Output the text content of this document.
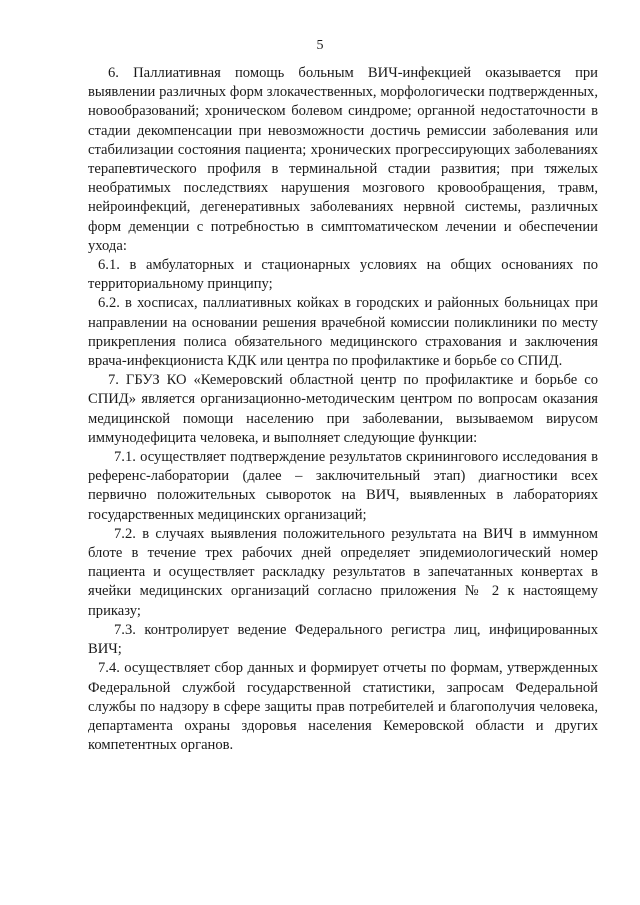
5

6. Паллиативная помощь больным ВИЧ-инфекцией оказывается при выявлении различных форм злокачественных, морфологически подтвержденных, новообразований; хроническом болевом синдроме; органной недостаточности в стадии декомпенсации при невозможности достичь ремиссии заболевания или стабилизации состояния пациента; хронических прогрессирующих заболеваниях терапевтического профиля в терминальной стадии развития; при тяжелых необратимых последствиях нарушения мозгового кровообращения, травм, нейроинфекций, дегенеративных заболеваниях нервной системы, различных форм деменции с потребностью в симптоматическом лечении и обеспечении ухода:

6.1. в амбулаторных и стационарных условиях на общих основаниях по территориальному принципу;

6.2. в хосписах, паллиативных койках в городских и районных больницах при направлении на основании решения врачебной комиссии поликлиники по месту прикрепления полиса обязательного медицинского страхования и заключения врача-инфекциониста КДК или центра по профилактике и борьбе со СПИД.

7. ГБУЗ КО «Кемеровский областной центр по профилактике и борьбе со СПИД» является организационно-методическим центром по вопросам оказания медицинской помощи населению при заболевании, вызываемом вирусом иммунодефицита человека, и выполняет следующие функции:

7.1. осуществляет подтверждение результатов скринингового исследования в референс-лаборатории (далее – заключительный этап) диагностики всех первично положительных сывороток на ВИЧ, выявленных в лабораториях государственных медицинских организаций;

7.2. в случаях выявления положительного результата на ВИЧ в иммунном блоте в течение трех рабочих дней определяет эпидемиологический номер пациента и осуществляет раскладку результатов в запечатанных конвертах в ячейки медицинских организаций согласно приложения № 2 к настоящему приказу;

7.3. контролирует ведение Федерального регистра лиц, инфицированных ВИЧ;

7.4. осуществляет сбор данных и формирует отчеты по формам, утвержденных Федеральной службой государственной статистики, запросам Федеральной службы по надзору в сфере защиты прав потребителей и благополучия человека, департамента охраны здоровья населения Кемеровской области и других компетентных органов.
